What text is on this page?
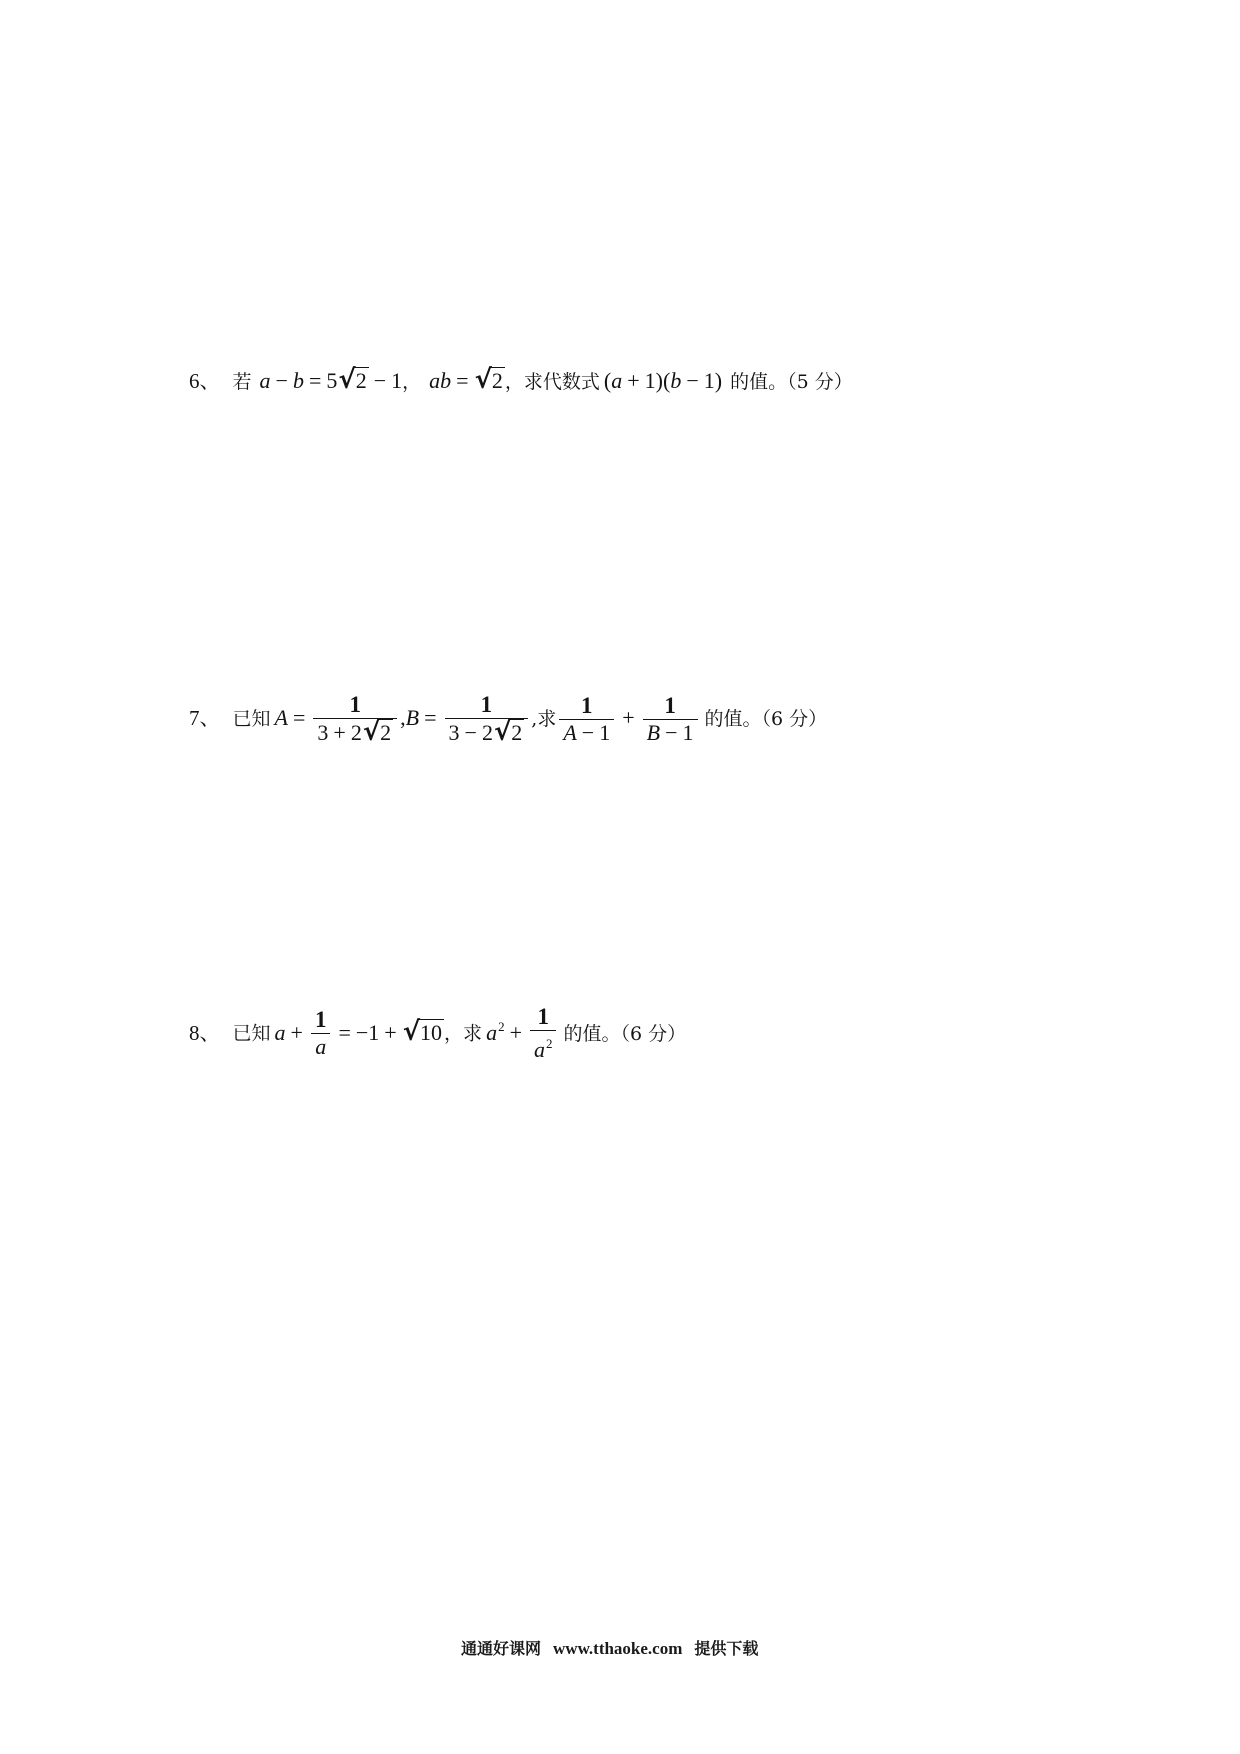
6、 若 a − b = 5√2 − 1， ab = √2 ，求代数式 (a + 1)(b − 1) 的值。（5 分）
7、 已知 $A = \frac{1}{3 + 2√2} ,B = \frac{1}{3 - 2√2}$ ,求 $\frac{1}{A - 1} + \frac{1}{B - 1}$ 的值。（6 分）
8、 已知 $a + \frac{1}{a} = -1 + √10$ ，求 $a^2 + \frac{1}{a^2}$ 的值。（6 分）
通通好课网 www.tthaoke.com 提供下载
